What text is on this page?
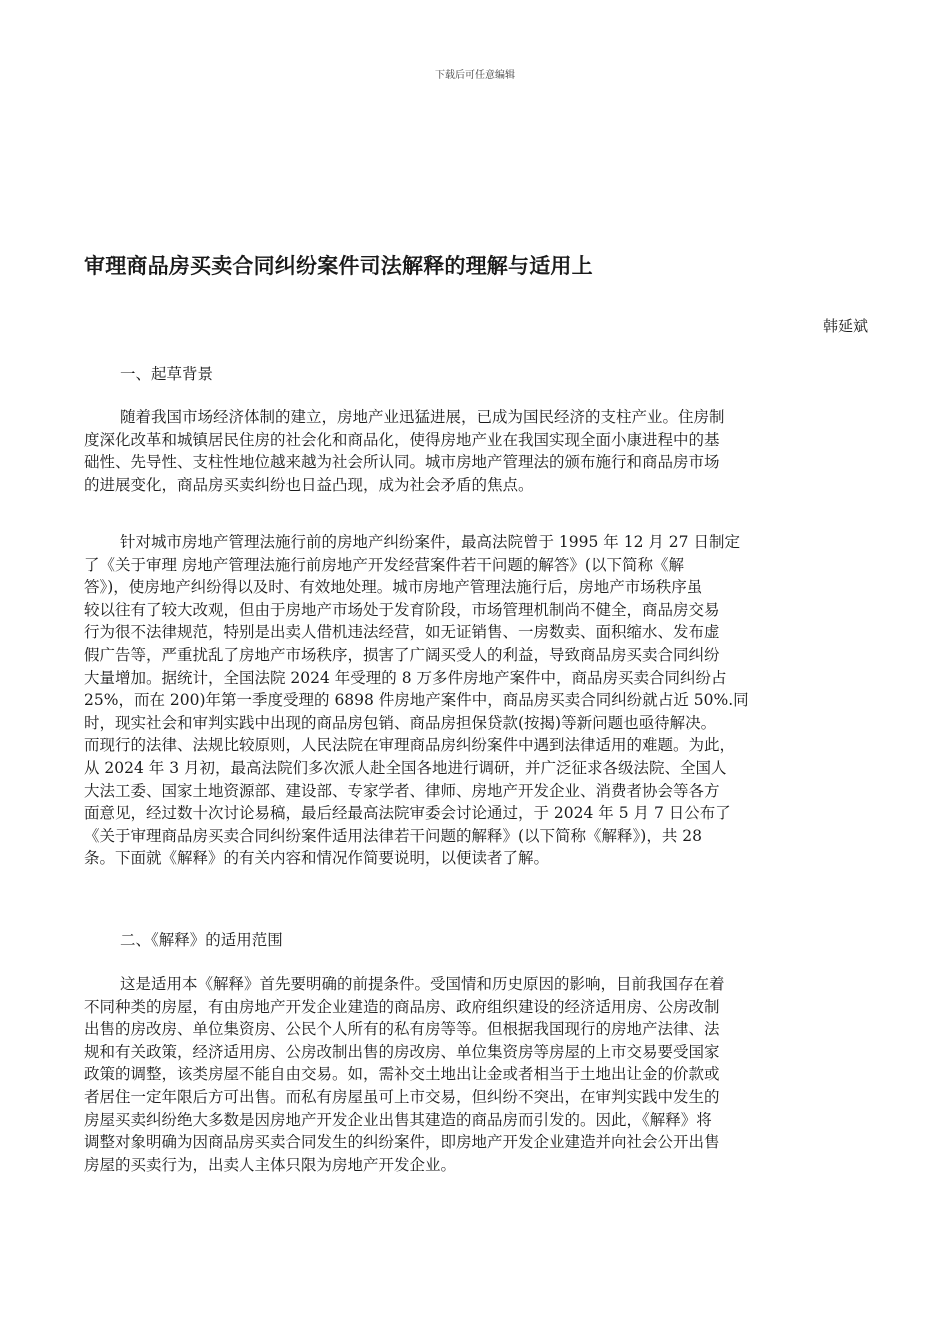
下载后可任意编辑
审理商品房买卖合同纠纷案件司法解释的理解与适用上
韩延斌
一、起草背景
随着我国市场经济体制的建立，房地产业迅猛进展，已成为国民经济的支柱产业。住房制
度深化改革和城镇居民住房的社会化和商品化，使得房地产业在我国实现全面小康进程中的基
础性、先导性、支柱性地位越来越为社会所认同。城市房地产管理法的颁布施行和商品房市场
的进展变化，商品房买卖纠纷也日益凸现，成为社会矛盾的焦点。
针对城市房地产管理法施行前的房地产纠纷案件，最高法院曾于 1995 年 12 月 27 日制定
了《关于审理 房地产管理法施行前房地产开发经营案件若干问题的解答》(以下简称《解
答》)，使房地产纠纷得以及时、有效地处理。城市房地产管理法施行后，房地产市场秩序虽
较以往有了较大改观，但由于房地产市场处于发育阶段，市场管理机制尚不健全，商品房交易
行为很不法律规范，特别是出卖人借机违法经营，如无证销售、一房数卖、面积缩水、发布虚
假广告等，严重扰乱了房地产市场秩序，损害了广阔买受人的利益，导致商品房买卖合同纠纷
大量增加。据统计，全国法院 2024 年受理的 8 万多件房地产案件中，商品房买卖合同纠纷占
25%，而在 200)年第一季度受理的 6898 件房地产案件中，商品房买卖合同纠纷就占近 50%.同
时，现实社会和审判实践中出现的商品房包销、商品房担保贷款(按揭)等新问题也亟待解决。
而现行的法律、法规比较原则，人民法院在审理商品房纠纷案件中遇到法律适用的难题。为此，
从 2024 年 3 月初，最高法院们多次派人赴全国各地进行调研，并广泛征求各级法院、全国人
大法工委、国家土地资源部、建设部、专家学者、律师、房地产开发企业、消费者协会等各方
面意见，经过数十次讨论易稿，最后经最高法院审委会讨论通过，于 2024 年 5 月 7 日公布了
《关于审理商品房买卖合同纠纷案件适用法律若干问题的解释》(以下简称《解释》)，共 28
条。下面就《解释》的有关内容和情况作简要说明，以便读者了解。
二、《解释》的适用范围
这是适用本《解释》首先要明确的前提条件。受国情和历史原因的影响，目前我国存在着
不同种类的房屋，有由房地产开发企业建造的商品房、政府组织建设的经济适用房、公房改制
出售的房改房、单位集资房、公民个人所有的私有房等等。但根据我国现行的房地产法律、法
规和有关政策，经济适用房、公房改制出售的房改房、单位集资房等房屋的上市交易要受国家
政策的调整，该类房屋不能自由交易。如，需补交土地出让金或者相当于土地出让金的价款或
者居住一定年限后方可出售。而私有房屋虽可上市交易，但纠纷不突出，在审判实践中发生的
房屋买卖纠纷绝大多数是因房地产开发企业出售其建造的商品房而引发的。因此，《解释》将
调整对象明确为因商品房买卖合同发生的纠纷案件，即房地产开发企业建造并向社会公开出售
房屋的买卖行为，出卖人主体只限为房地产开发企业。
